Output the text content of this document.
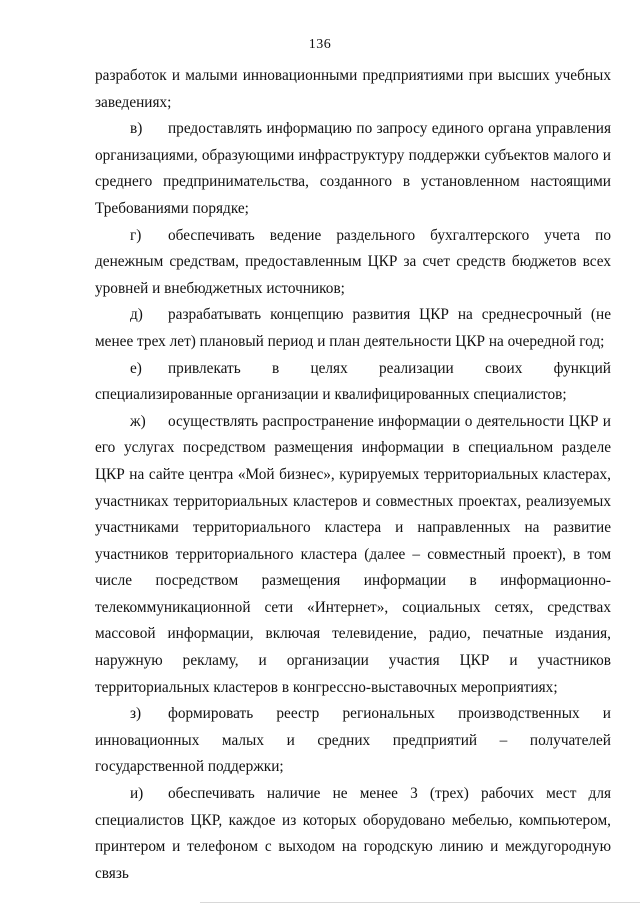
136

разработок и малыми инновационными предприятиями при высших учебных заведениях;

в) предоставлять информацию по запросу единого органа управления организациями, образующими инфраструктуру поддержки субъектов малого и среднего предпринимательства, созданного в установленном настоящими Требованиями порядке;

г) обеспечивать ведение раздельного бухгалтерского учета по денежным средствам, предоставленным ЦКР за счет средств бюджетов всех уровней и внебюджетных источников;

д) разрабатывать концепцию развития ЦКР на среднесрочный (не менее трех лет) плановый период и план деятельности ЦКР на очередной год;

е) привлекать в целях реализации своих функций специализированные организации и квалифицированных специалистов;

ж) осуществлять распространение информации о деятельности ЦКР и его услугах посредством размещения информации в специальном разделе ЦКР на сайте центра «Мой бизнес», курируемых территориальных кластерах, участниках территориальных кластеров и совместных проектах, реализуемых участниками территориального кластера и направленных на развитие участников территориального кластера (далее – совместный проект), в том числе посредством размещения информации в информационно-телекоммуникационной сети «Интернет», социальных сетях, средствах массовой информации, включая телевидение, радио, печатные издания, наружную рекламу, и организации участия ЦКР и участников территориальных кластеров в конгрессно-выставочных мероприятиях;

з) формировать реестр региональных производственных и инновационных малых и средних предприятий – получателей государственной поддержки;

и) обеспечивать наличие не менее 3 (трех) рабочих мест для специалистов ЦКР, каждое из которых оборудовано мебелью, компьютером, принтером и телефоном с выходом на городскую линию и междугородную связь
